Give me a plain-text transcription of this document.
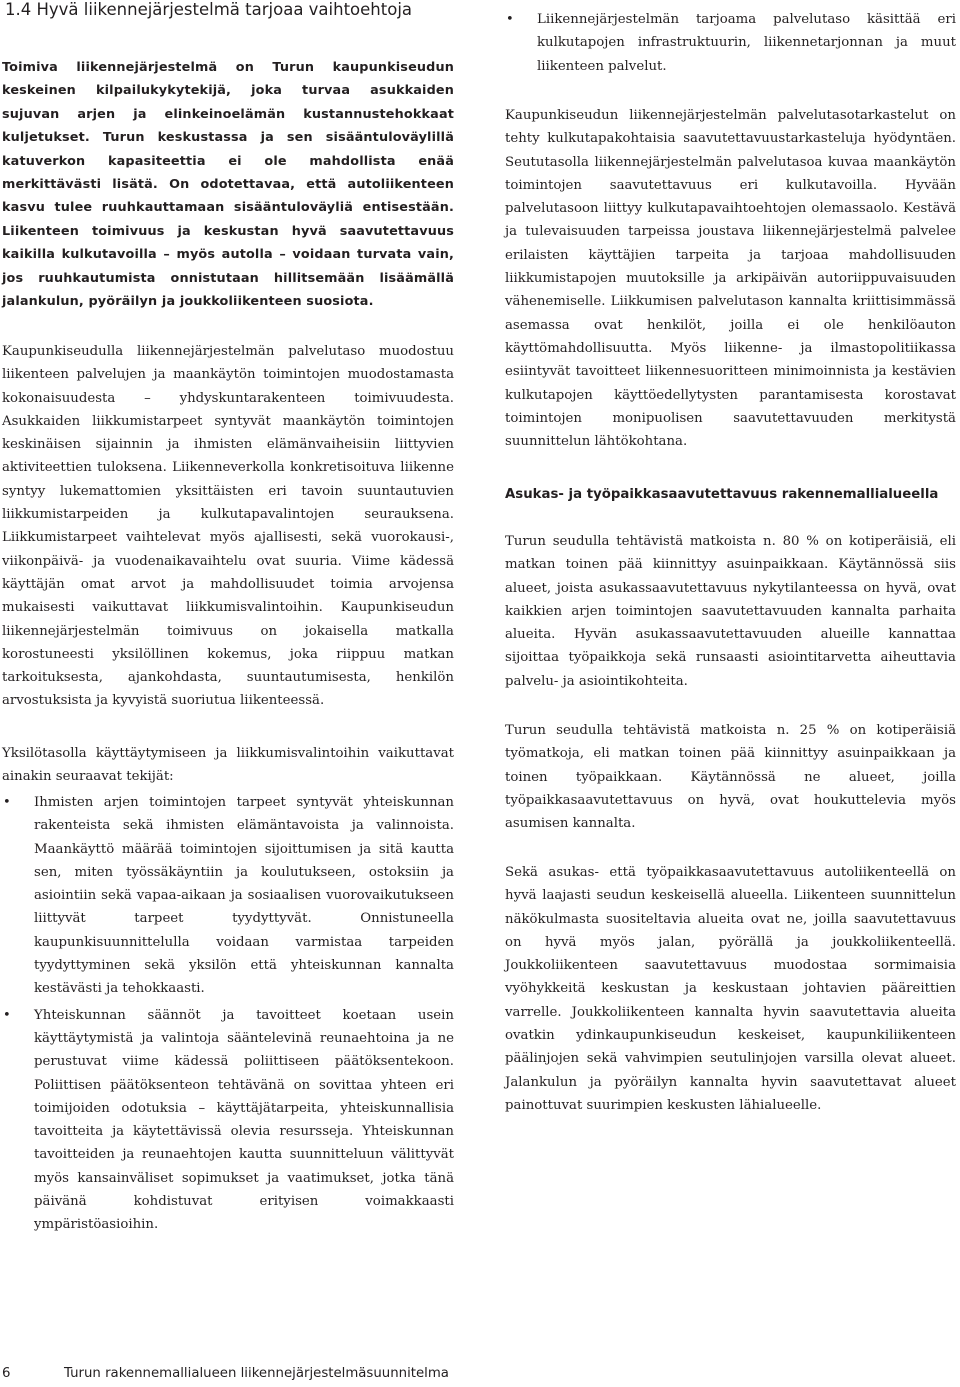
1.4 Hyvä liikennejärjestelmä tarjoaa vaihtoehtoja

Toimiva liikennejärjestelmä on Turun kaupunkiseudun keskeinen kilpailukykytekijä, joka turvaa asukkaiden sujuvan arjen ja elinkeinoelämän kustannustehokkaat kuljetukset. Turun keskustassa ja sen sisääntuloväylillä katuverkon kapasiteettia ei ole mahdollista enää merkittävästi lisätä. On odotettavaa, että autoliikenteen kasvu tulee ruuhkauttamaan sisääntuloväyliä entisestään. Liikenteen toimivuus ja keskustan hyvä saavutettavuus kaikilla kulkutavoilla – myös autolla – voidaan turvata vain, jos ruuhkautumista onnistutaan hillitsemään lisäämällä jalankulun, pyöräilyn ja joukkoliikenteen suosiota.

Kaupunkiseudulla liikennejärjestelmän palvelutaso muodostuu liikenteen palvelujen ja maankäytön toimintojen muodostamasta kokonaisuudesta – yhdyskuntarakenteen toimivuudesta. Asukkaiden liikkumistarpeet syntyvät maankäytön toimintojen keskinäisen sijainnin ja ihmisten elämänvaiheisiin liittyvien aktiviteettien tuloksena. Liikenneverkolla konkretisoituva liikenne syntyy lukemattomien yksittäisten eri tavoin suuntautuvien liikkumistarpeiden ja kulkutapavalintojen seurauksena. Liikkumistarpeet vaihtelevat myös ajallisesti, sekä vuorokausi-, viikonpäivä- ja vuodenaikavaihtelu ovat suuria. Viime kädessä käyttäjän omat arvot ja mahdollisuudet toimia arvojensa mukaisesti vaikuttavat liikkumisvalintoihin. Kaupunkiseudun liikennejärjestelmän toimivuus on jokaisella matkalla korostuneesti yksilöllinen kokemus, joka riippuu matkan tarkoituksesta, ajankohdasta, suuntautumisesta, henkilön arvostuksista ja kyvyistä suoriutua liikenteessä.

Yksilötasolla käyttäytymiseen ja liikkumisvalintoihin vaikuttavat ainakin seuraavat tekijät:

• Ihmisten arjen toimintojen tarpeet syntyvät yhteiskunnan rakenteista sekä ihmisten elämäntavoista ja valinnoista. Maankäyttö määrää toimintojen sijoittumisen ja sitä kautta sen, miten työssäkäyntiin ja koulutukseen, ostoksiin ja asiointiin sekä vapaa-aikaan ja sosiaalisen vuorovaikutukseen liittyvät tarpeet tyydyttyvät. Onnistuneella kaupunkisuunnittelulla voidaan varmistaa tarpeiden tyydyttyminen sekä yksilön että yhteiskunnan kannalta kestävästi ja tehokkaasti.
• Yhteiskunnan säännöt ja tavoitteet koetaan usein käyttäytymistä ja valintoja sääntelevinä reunaehtoina ja ne perustuvat viime kädessä poliittiseen päätöksentekoon. Poliittisen päätöksenteon tehtävänä on sovittaa yhteen eri toimijoiden odotuksia – käyttäjätarpeita, yhteiskunnallisia tavoitteita ja käytettävissä olevia resursseja. Yhteiskunnan tavoitteiden ja reunaehtojen kautta suunnitteluun välittyvät myös kansainväliset sopimukset ja vaatimukset, jotka tänä päivänä kohdistuvat erityisen voimakkaasti ympäristöasioihin.
• Liikennejärjestelmän tarjoama palvelutaso käsittää eri kulkutapojen infrastruktuurin, liikennetarjonnan ja muut liikenteen palvelut.

Kaupunkiseudun liikennejärjestelmän palvelutasotarkastelut on tehty kulkutapakohtaisia saavutettavuustarkasteluja hyödyntäen. Seututasolla liikennejärjestelmän palvelutasoa kuvaa maankäytön toimintojen saavutettavuus eri kulkutavoilla. Hyvään palvelutasoon liittyy kulkutapavaihtoehtojen olemassaolo. Kestävä ja tulevaisuuden tarpeissa joustava liikennejärjestelmä palvelee erilaisten käyttäjien tarpeita ja tarjoaa mahdollisuuden liikkumistapojen muutoksille ja arkipäivän autoriippuvaisuuden vähenemiselle. Liikkumisen palvelutason kannalta kriittisimmässä asemassa ovat henkilöt, joilla ei ole henkilöauton käyttömahdollisuutta. Myös liikenne- ja ilmastopolitiikassa esiintyvät tavoitteet liikennesuoritteen minimoinnista ja kestävien kulkutapojen käyttöedellytysten parantamisesta korostavat toimintojen monipuolisen saavutettavuuden merkitystä suunnittelun lähtökohtana.

Asukas- ja työpaikkasaavutettavuus rakennemallialueella

Turun seudulla tehtävistä matkoista n. 80 % on kotiperäisiä, eli matkan toinen pää kiinnittyy asuinpaikkaan. Käytännössä siis alueet, joista asukassaavutettavuus nykytilanteessa on hyvä, ovat kaikkien arjen toimintojen saavutettavuuden kannalta parhaita alueita. Hyvän asukassaavutettavuuden alueille kannattaa sijoittaa työpaikkoja sekä runsaasti asiointitarvetta aiheuttavia palvelu- ja asiointikohteita.

Turun seudulla tehtävistä matkoista n. 25 % on kotiperäisiä työmatkoja, eli matkan toinen pää kiinnittyy asuinpaikkaan ja toinen työpaikkaan. Käytännössä ne alueet, joilla työpaikkasaavutettavuus on hyvä, ovat houkuttelevia myös asumisen kannalta.

Sekä asukas- että työpaikkasaavutettavuus autoliikenteellä on hyvä laajasti seudun keskeisellä alueella. Liikenteen suunnittelun näkökulmasta suositeltavia alueita ovat ne, joilla saavutettavuus on hyvä myös jalan, pyörällä ja joukkoliikenteellä. Joukkoliikenteen saavutettavuus muodostaa sormimaisia vyöhykkeitä keskustan ja keskustaan johtavien pääreittien varrelle. Joukkoliikenteen kannalta hyvin saavutettavia alueita ovatkin ydinkaupunkiseudun keskeiset, kaupunkiliikenteen päälinjojen sekä vahvimpien seutulinjojen varsilla olevat alueet. Jalankulun ja pyöräilyn kannalta hyvin saavutettavat alueet painottuvat suurimpien keskusten lähialueelle.

6	Turun rakennemallialueen liikennejärjestelmäsuunnitelma
